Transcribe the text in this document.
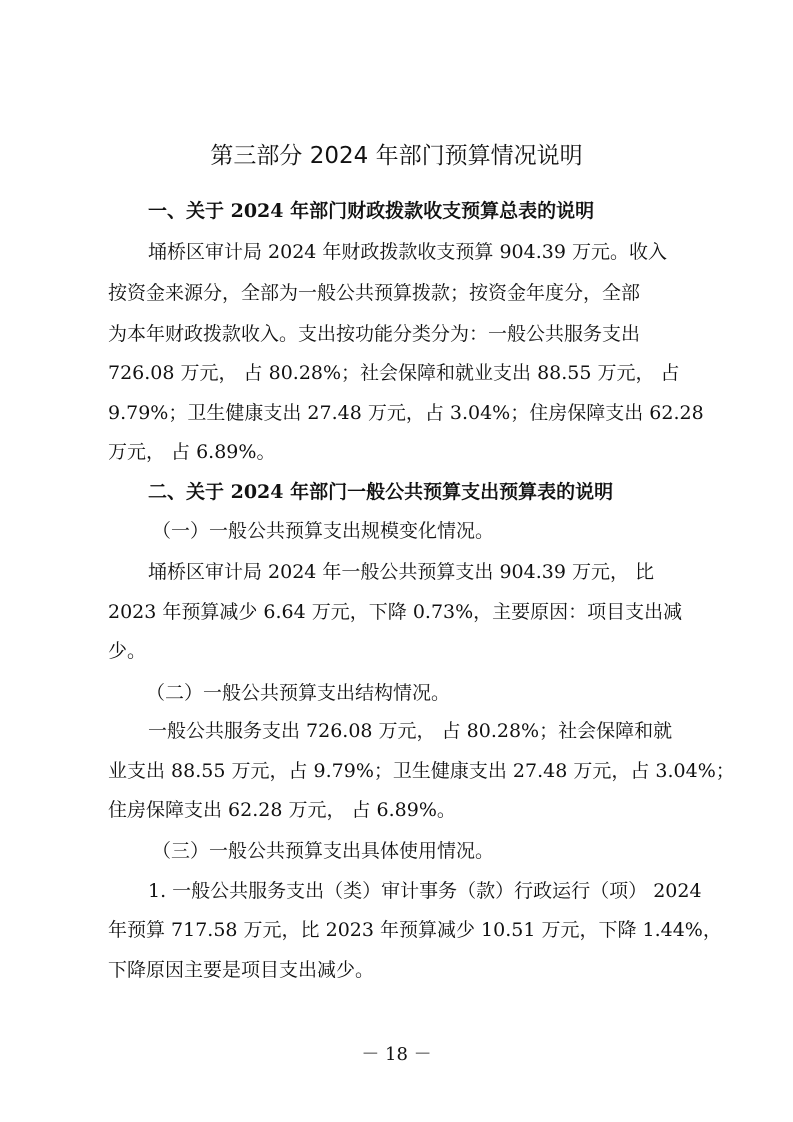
第三部分 2024 年部门预算情况说明
一、关于 2024 年部门财政拨款收支预算总表的说明
埇桥区审计局 2024 年财政拨款收支预算 904.39 万元。收入
按资金来源分，全部为一般公共预算拨款；按资金年度分，全部
为本年财政拨款收入。支出按功能分类分为：一般公共服务支出
726.08 万元， 占 80.28%；社会保障和就业支出 88.55 万元， 占
9.79%；卫生健康支出 27.48 万元，占 3.04%；住房保障支出 62.28
万元， 占 6.89%。
二、关于 2024 年部门一般公共预算支出预算表的说明
（一）一般公共预算支出规模变化情况。
埇桥区审计局 2024 年一般公共预算支出 904.39 万元， 比
2023 年预算减少 6.64 万元，下降 0.73%，主要原因：项目支出减
少。
（二）一般公共预算支出结构情况。
一般公共服务支出 726.08 万元， 占 80.28%；社会保障和就
业支出 88.55 万元，占 9.79%；卫生健康支出 27.48 万元，占 3.04%；
住房保障支出 62.28 万元， 占 6.89%。
（三）一般公共预算支出具体使用情况。
1. 一般公共服务支出（类）审计事务（款）行政运行（项） 2024
年预算 717.58 万元，比 2023 年预算减少 10.51 万元，下降 1.44%，
下降原因主要是项目支出减少。
－ 18 －
